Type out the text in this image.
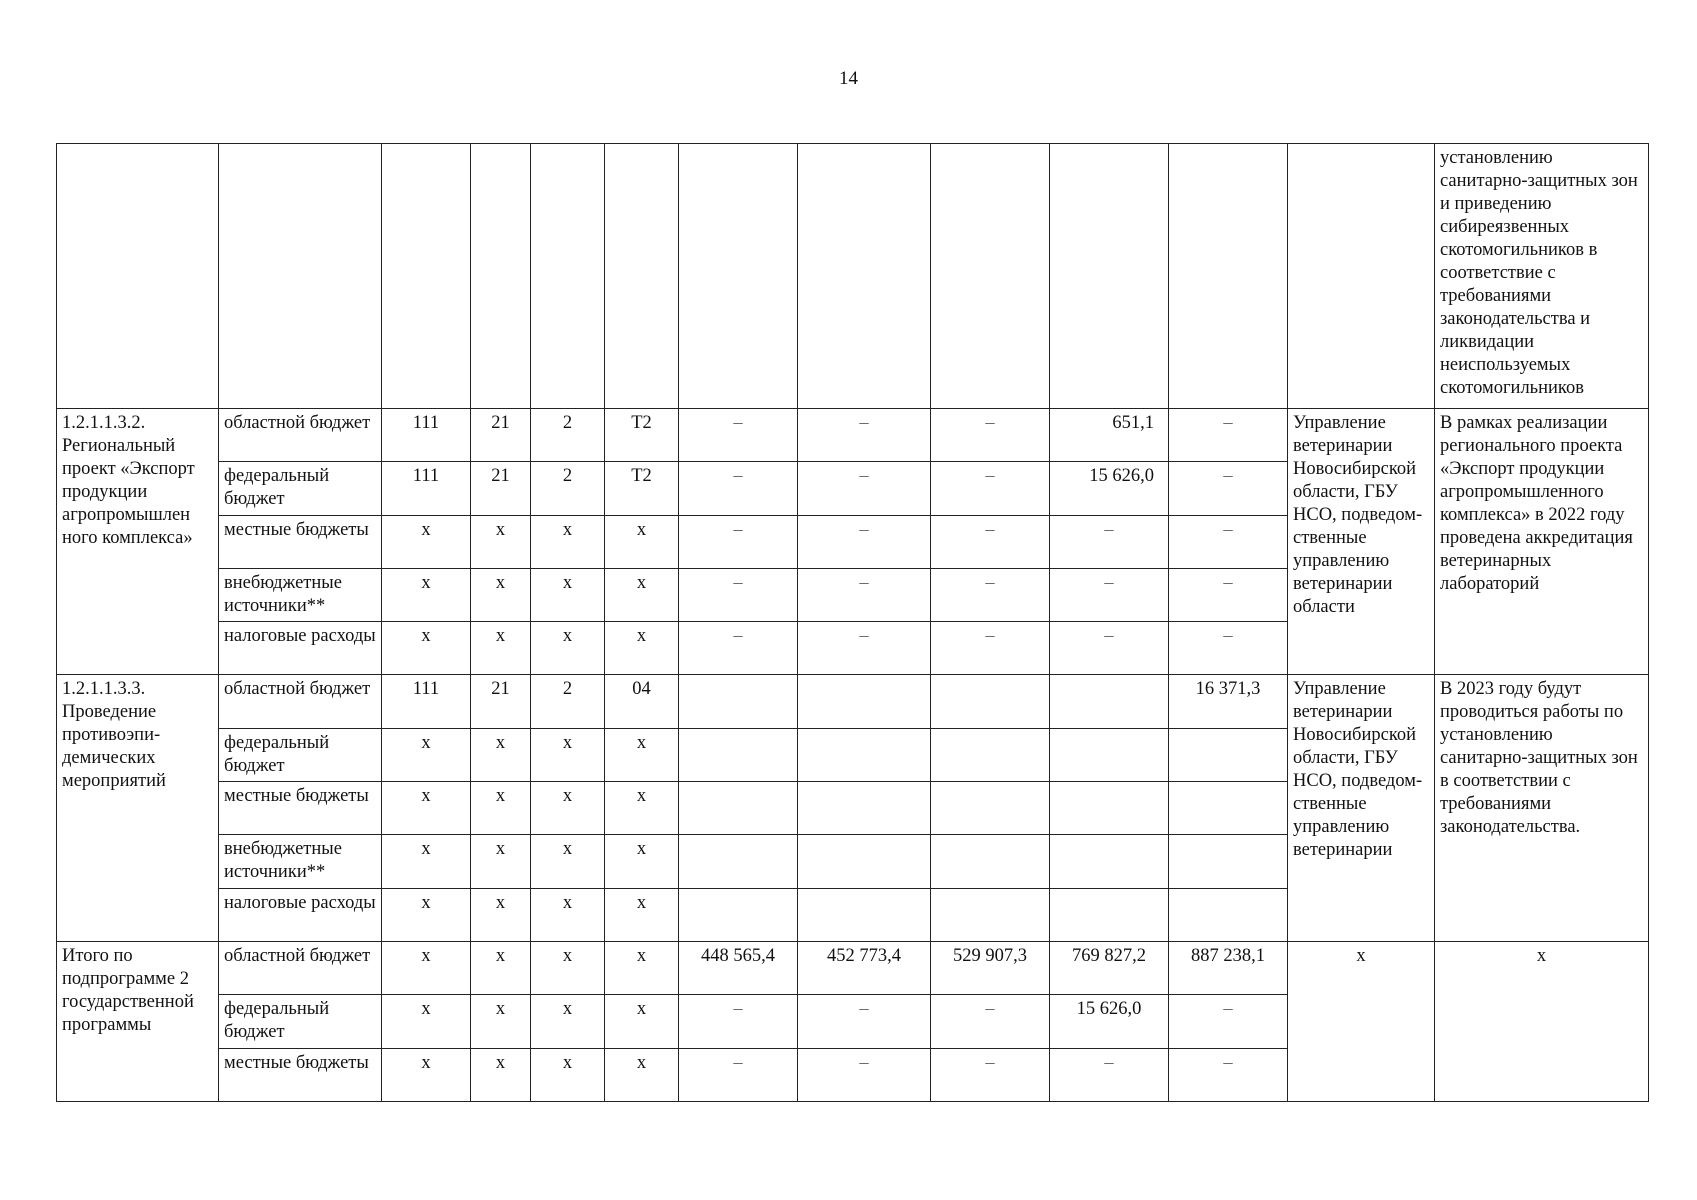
14
												установлению санитарно-защитных зон и приведению сибиреязвенных скотомогильников в соответствие с требованиями законодательства и ликвидации неиспользуемых скотомогильников
1.2.1.1.3.2. Региональный проект «Экспорт продукции агропромышлен ного комплекса»	областной бюджет	111	21	2	Т2	–	–	–	651,1	–	Управление ветеринарии Новосибирской области, ГБУ НСО, подведом-ственные управлению ветеринарии области	В рамках реализации регионального проекта «Экспорт продукции агропромышленного комплекса» в 2022 году проведена аккредитация ветеринарных лабораторий
	федеральный бюджет	111	21	2	Т2	–	–	–	15 626,0	–		
	местные бюджеты	х	х	х	х	–	–	–	–	–		
	внебюджетные источники**	х	х	х	х	–	–	–	–	–		
	налоговые расходы	х	х	х	х	–	–	–	–	–		
1.2.1.1.3.3. Проведение противоэпи-демических мероприятий	областной бюджет	111	21	2	04					16 371,3	Управление ветеринарии Новосибирской области, ГБУ НСО, подведом-ственные управлению ветеринарии	В 2023 году будут проводиться работы по установлению санитарно-защитных зон в соответствии с требованиями законодательства.
	федеральный бюджет	х	х	х	х							
	местные бюджеты	х	х	х	х							
	внебюджетные источники**	х	х	х	х							
	налоговые расходы	х	х	х	х							
Итого по подпрограмме 2 государственной программы	областной бюджет	х	х	х	х	448 565,4	452 773,4	529 907,3	769 827,2	887 238,1	х	х
	федеральный бюджет	х	х	х	х	–	–	–	15 626,0	–		
	местные бюджеты	х	х	х	х	–	–	–	–	–		
